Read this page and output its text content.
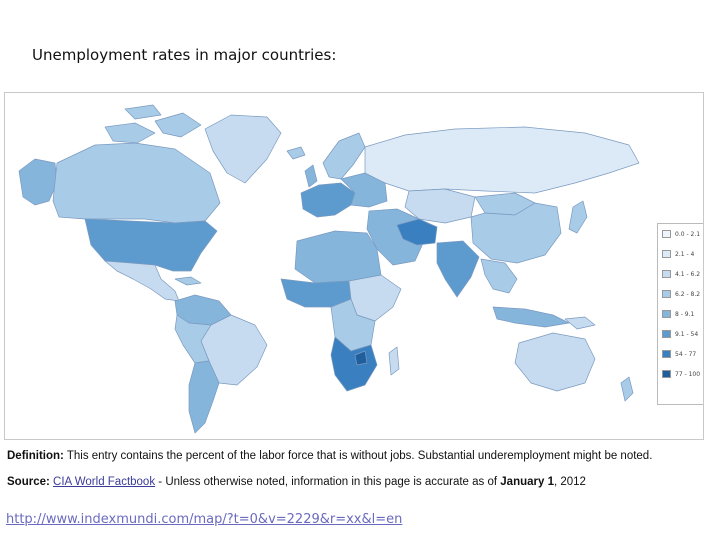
Unemployment rates in major countries:
0.0 - 2.1
2.1 - 4
4.1 - 6.2
6.2 - 8.2
8 - 9.1
9.1 - 54
54 - 77
77 - 100
Definition: This entry contains the percent of the labor force that is without jobs. Substantial underemployment might be noted.
Source: CIA World Factbook - Unless otherwise noted, information in this page is accurate as of January 1, 2012
http://www.indexmundi.com/map/?t=0&v=2229&r=xx&l=en
